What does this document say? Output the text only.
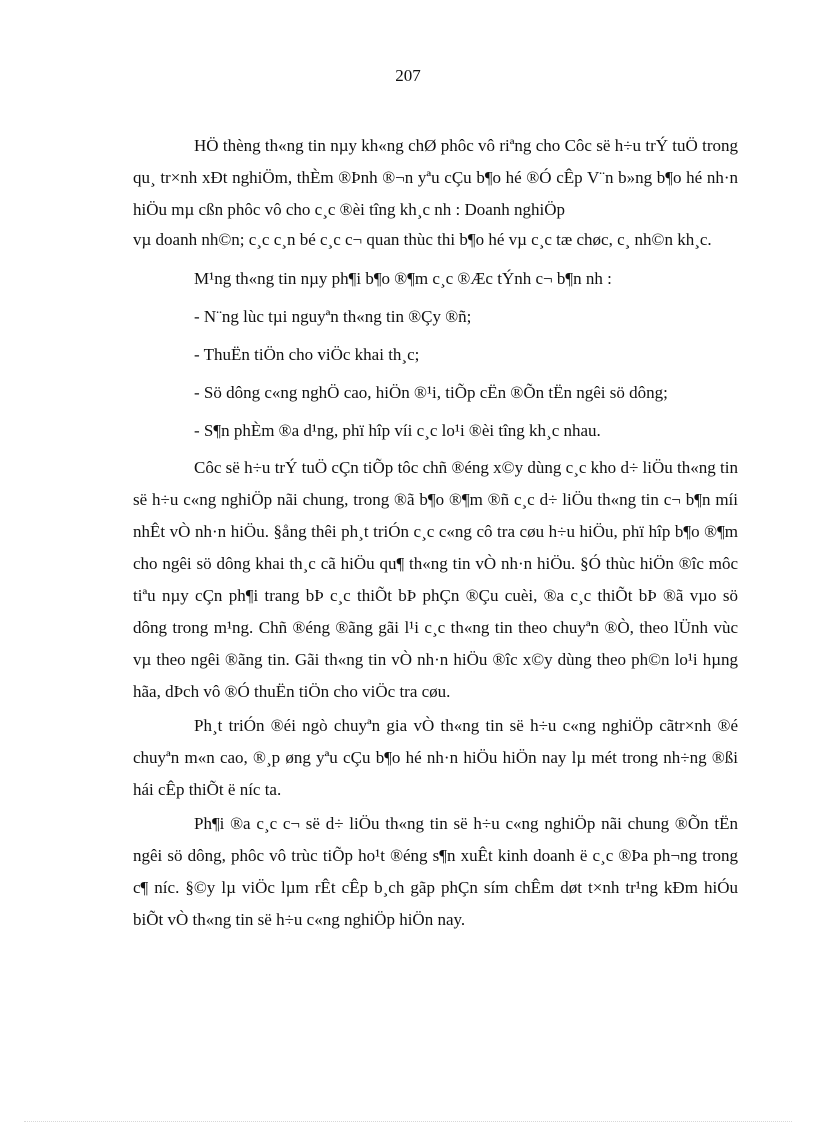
207

HÖ thèng th«ng tin nµy kh«ng chØ phôc vô riªng cho Côc së h÷u trÝ tuÖ trong qu¸ tr×nh xÐt nghiÖm, thÈm ®Þnh ®¬n yªu cÇu b¶o hé ®Ó cÊp V¨n b»ng b¶o hé nh·n hiÖu mµ cßn phôc vô cho c¸c ®èi tîng kh¸c nh : Doanh nghiÖp

vµ doanh nh©n; c¸c c¸n bé c¸c c¬ quan thùc thi b¶o hé vµ c¸c tæ chøc, c¸ nh©n kh¸c.

M¹ng th«ng tin nµy ph¶i b¶o ®¶m c¸c ®Æc tÝnh c¬ b¶n nh :

- N¨ng lùc tµi nguyªn th«ng tin ®Çy ®ñ;

- ThuËn tiÖn cho viÖc khai th¸c;

- Sö dông c«ng nghÖ cao, hiÖn ®¹i, tiÕp cËn ®Õn tËn ngêi sö dông;

- S¶n phÈm ®a d¹ng, phï hîp víi c¸c lo¹i ®èi tîng kh¸c nhau.

Côc së h÷u trÝ tuÖ cÇn tiÕp tôc chñ ®éng x©y dùng c¸c kho d÷ liÖu th«ng tin së h÷u c«ng nghiÖp nãi chung, trong ®ã b¶o ®¶m ®ñ c¸c d÷ liÖu th«ng tin c¬ b¶n míi nhÊt vÒ nh·n hiÖu. §ång thêi ph¸t triÓn c¸c c«ng cô tra cøu h÷u hiÖu, phï hîp b¶o ®¶m cho ngêi sö dông khai th¸c cã hiÖu qu¶ th«ng tin vÒ nh·n hiÖu. §Ó thùc hiÖn ®îc môc tiªu nµy cÇn ph¶i trang bÞ c¸c thiÕt bÞ phÇn ®Çu cuèi, ®a c¸c thiÕt bÞ ®ã vµo sö dông trong m¹ng. Chñ ®éng ®ãng gãi l¹i c¸c th«ng tin theo chuyªn ®Ò, theo lÜnh vùc vµ theo ngêi ®ãng tin. Gãi th«ng tin vÒ nh·n hiÖu ®îc x©y dùng theo ph©n lo¹i hµng hãa, dÞch vô ®Ó thuËn tiÖn cho viÖc tra cøu.

Ph¸t triÓn ®éi ngò chuyªn gia vÒ th«ng tin së h÷u c«ng nghiÖp cãtr×nh ®é chuyªn m«n cao, ®¸p øng yªu cÇu b¶o hé nh·n hiÖu hiÖn nay lµ mét trong nh÷ng ®ßi hái cÊp thiÕt ë níc ta.

Ph¶i ®a c¸c c¬ së d÷ liÖu th«ng tin së h÷u c«ng nghiÖp nãi chung ®Õn tËn ngêi sö dông, phôc vô trùc tiÕp ho¹t ®éng s¶n xuÊt kinh doanh ë c¸c ®Þa ph¬ng trong c¶ níc. §©y lµ viÖc lµm rÊt cÊp b¸ch gãp phÇn sím chÊm døt t×nh tr¹ng kÐm hiÓu biÕt vÒ th«ng tin së h÷u c«ng nghiÖp hiÖn nay.
